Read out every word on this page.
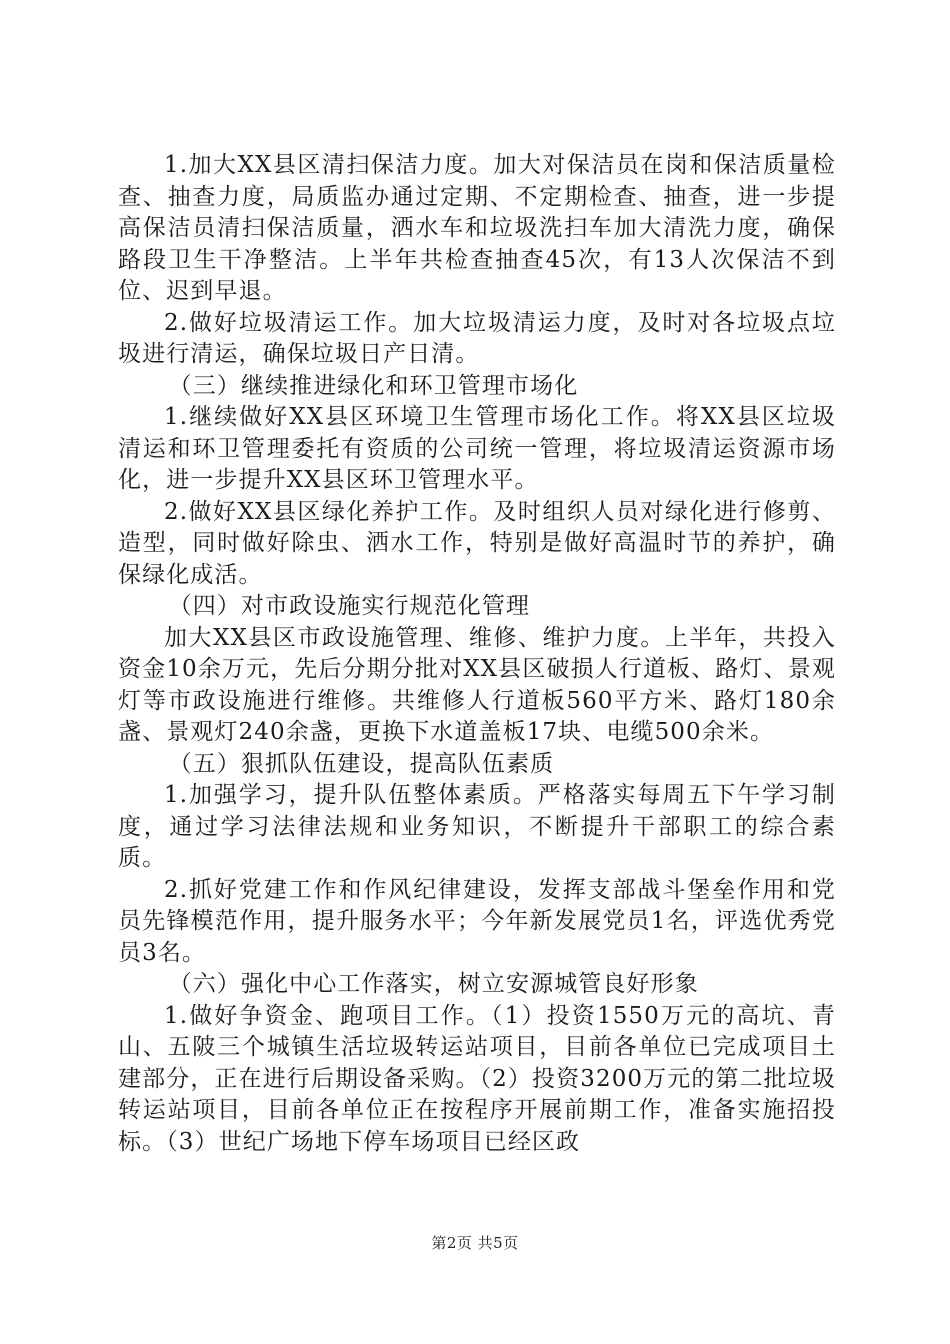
1.加大XX县区清扫保洁力度。加大对保洁员在岗和保洁质量检查、抽查力度，局质监办通过定期、不定期检查、抽查，进一步提高保洁员清扫保洁质量，洒水车和垃圾洗扫车加大清洗力度，确保路段卫生干净整洁。上半年共检查抽查45次，有13人次保洁不到位、迟到早退。

2.做好垃圾清运工作。加大垃圾清运力度，及时对各垃圾点垃圾进行清运，确保垃圾日产日清。

（三）继续推进绿化和环卫管理市场化

1.继续做好XX县区环境卫生管理市场化工作。将XX县区垃圾清运和环卫管理委托有资质的公司统一管理，将垃圾清运资源市场化，进一步提升XX县区环卫管理水平。

2.做好XX县区绿化养护工作。及时组织人员对绿化进行修剪、造型，同时做好除虫、洒水工作，特别是做好高温时节的养护，确保绿化成活。

（四）对市政设施实行规范化管理

加大XX县区市政设施管理、维修、维护力度。上半年，共投入资金10余万元，先后分期分批对XX县区破损人行道板、路灯、景观灯等市政设施进行维修。共维修人行道板560平方米、路灯180余盏、景观灯240余盏，更换下水道盖板17块、电缆500余米。

（五）狠抓队伍建设，提高队伍素质

1.加强学习，提升队伍整体素质。严格落实每周五下午学习制度，通过学习法律法规和业务知识，不断提升干部职工的综合素质。

2.抓好党建工作和作风纪律建设，发挥支部战斗堡垒作用和党员先锋模范作用，提升服务水平；今年新发展党员1名，评选优秀党员3名。

（六）强化中心工作落实，树立安源城管良好形象

1.做好争资金、跑项目工作。（1）投资1550万元的高坑、青山、五陂三个城镇生活垃圾转运站项目，目前各单位已完成项目土建部分，正在进行后期设备采购。（2）投资3200万元的第二批垃圾转运站项目，目前各单位正在按程序开展前期工作，准备实施招投标。（3）世纪广场地下停车场项目已经区政

第2页 共5页
